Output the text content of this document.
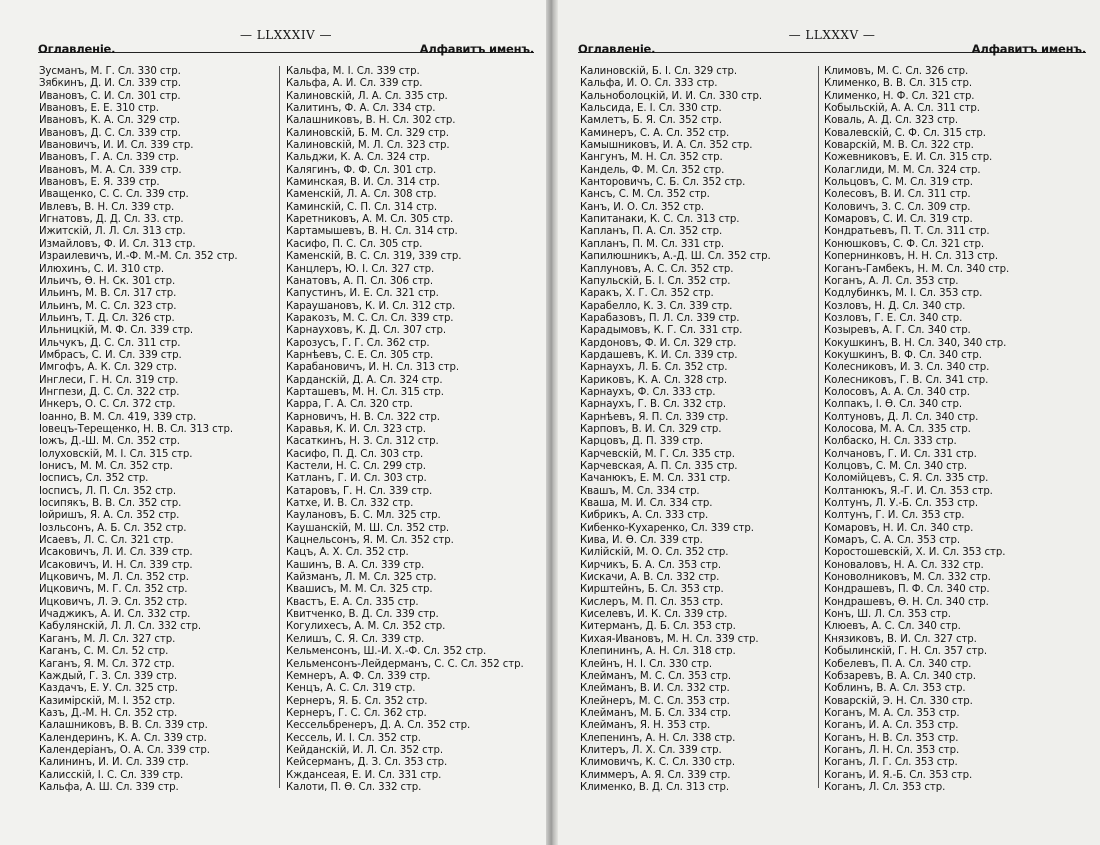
Оглавленіе.
— LLXXXIV —
Алфавитъ именъ.
Зусманъ, М. Г. Сл. 330 стр.
Зябкинъ, Д. И. Сл. 339 стр.
Ивановъ, С. И. Сл. 301 стр.
Ивановъ, Е. Е. 310 стр.
Ивановъ, К. А. Сл. 329 стр.
Ивановъ, Д. С. Сл. 339 стр.
Ивановичъ, И. И. Сл. 339 стр.
Ивановъ, Г. А. Сл. 339 стр.
Ивановъ, М. А. Сл. 339 стр.
Ивановъ, Е. Я. 339 стр.
Иващенко, С. С. Сл. 339 стр.
Ивлевъ, В. Н. Сл. 339 стр.
Игнатовъ, Д. Д. Сл. 33. стр.
Ижитскій, Л. Л. Сл. 313 стр.
Измайловъ, Ф. И. Сл. 313 стр.
Израилевичъ, И.-Ф. М.-М. Сл. 352 стр.
Илюхинъ, С. И. 310 стр.
Ильичъ, Ѳ. Н. Ск. 301 стр.
Ильинъ, М. В. Сл. 317 стр.
Ильинъ, М. С. Сл. 323 стр.
Ильинъ, Т. Д. Сл. 326 стр.
Ильницкій, М. Ф. Сл. 339 стр.
Ильчукъ, Д. С. Сл. 311 стр.
Имбрасъ, С. И. Сл. 339 стр.
Имгофъ, А. К. Сл. 329 стр.
Инглеси, Г. Н. Сл. 319 стр.
Ингпези, Д. С. Сл. 322 стр.
Инкеръ, О. С. Сл. 372 стр.
Іоанно, В. М. Сл. 419, 339 стр.
Іовецъ-Терещенко, Н. В. Сл. 313 стр.
Іожъ, Д.-Ш. М. Сл. 352 стр.
Іолуховскій, М. І. Сл. 315 стр.
Іонисъ, М. М. Сл. 352 стр.
Іосписъ, Сл. 352 стр.
Іосписъ, Л. П. Сл. 352 стр.
Іосипякъ, В. В. Сл. 352 стр.
Іойришъ, Я. А. Сл. 352 стр.
Іозльсонъ, А. Б. Сл. 352 стр.
Исаевъ, Л. С. Сл. 321 стр.
Исаковичъ, Л. И. Сл. 339 стр.
Исаковичъ, И. Н. Сл. 339 стр.
Ицковичъ, М. Л. Сл. 352 стр.
Ицковичъ, М. Г. Сл. 352 стр.
Ицковичъ, Л. Э. Сл. 352 стр.
Ичаджикъ, А. И. Сл. 332 стр.
Кабулянскій, Л. Л. Сл. 332 стр.
Каганъ, М. Л. Сл. 327 стр.
Каганъ, С. М. Сл. 52 стр.
Каганъ, Я. М. Сл. 372 стр.
Каждый, Г. З. Сл. 339 стр.
Каздачъ, Е. У. Сл. 325 стр.
Казимірскій, М. І. 352 стр.
Казъ, Д.-М. Н. Сл. 352 стр.
Калашниковъ, В. В. Сл. 339 стр.
Календеринъ, К. А. Сл. 339 стр.
Календеріанъ, О. А. Сл. 339 стр.
Калининъ, И. И. Сл. 339 стр.
Калисскій, І. С. Сл. 339 стр.
Кальфа, А. Ш. Сл. 339 стр.
Кальфа, М. І. Сл. 339 стр.
Кальфа, А. И. Сл. 339 стр.
Калиновскій, Л. А. Сл. 335 стр.
Калитинъ, Ф. А. Сл. 334 стр.
Калашниковъ, В. Н. Сл. 302 стр.
Калиновскій, Б. М. Сл. 329 стр.
Калиновскій, М. Л. Сл. 323 стр.
Кальджи, К. А. Сл. 324 стр.
Калягинъ, Ф. Ф. Сл. 301 стр.
Каминская, В. И. Сл. 314 стр.
Каменскій, Л. А. Сл. 308 стр.
Каминскій, С. П. Сл. 314 стр.
Каретниковъ, А. М. Сл. 305 стр.
Картамышевъ, В. Н. Сл. 314 стр.
Касифо, П. С. Сл. 305 стр.
Каменскій, В. С. Сл. 319, 339 стр.
Канцлеръ, Ю. І. Сл. 327 стр.
Канатовъ, А. П. Сл. 306 стр.
Капустинъ, И. Е. Сл. 321 стр.
Караушановъ, К. И. Сл. 312 стр.
Каракозъ, М. С. Сл. Сл. 339 стр.
Карнауховъ, К. Д. Сл. 307 стр.
Карозусъ, Г. Г. Сл. 362 стр.
Карнѣевъ, С. Е. Сл. 305 стр.
Карабановичъ, И. Н. Сл. 313 стр.
Карданскій, Д. А. Сл. 324 стр.
Карташевъ, М. Н. Сл. 315 стр.
Карра, Г. А. Сл. 320 стр.
Карновичъ, Н. В. Сл. 322 стр.
Каравья, К. И. Сл. 323 стр.
Касаткинъ, Н. З. Сл. 312 стр.
Касифо, П. Д. Сл. 303 стр.
Кастели, Н. С. Сл. 299 стр.
Катланъ, Г. И. Сл. 303 стр.
Катаровъ, Г. Н. Сл. 339 стр.
Катхе, И. В. Сл. 332 стр.
Каулановъ, Б. С. Мл. 325 стр.
Каушанскій, М. Ш. Сл. 352 стр.
Кацнельсонъ, Я. М. Сл. 352 стр.
Кацъ, А. Х. Сл. 352 стр.
Кашинъ, В. А. Сл. 339 стр.
Кайзманъ, Л. М. Сл. 325 стр.
Квашисъ, М. М. Сл. 325 стр.
Квастъ, Е. А. Сл. 335 стр.
Квитченко, В. Д. Сл. 339 стр.
Когулихесъ, А. М. Сл. 352 стр.
Келишъ, С. Я. Сл. 339 стр.
Кельменсонъ, Ш.-И. Х.-Ф. Сл. 352 стр.
Кельменсонъ-Лейдерманъ, С. С. Сл. 352 стр.
Кемнеръ, А. Ф. Сл. 339 стр.
Кенцъ, А. С. Сл. 319 стр.
Кернеръ, Я. Б. Сл. 352 стр.
Кернеръ, Г. С. Сл. 362 стр.
Кессельбренеръ, Д. А. Сл. 352 стр.
Кессель, И. І. Сл. 352 стр.
Кейданскій, И. Л. Сл. 352 стр.
Кейсерманъ, Д. З. Сл. 353 стр.
Кждансеая, Е. И. Сл. 331 стр.
Калоти, П. Ѳ. Сл. 332 стр.
Оглавленіе.
— LLXXXV —
Алфавитъ именъ.
Калиновскій, Б. І. Сл. 329 стр.
Кальфа, И. О. Сл. 333 стр.
Кальноболоцкій, И. И. Сл. 330 стр.
Кальсида, Е. І. Сл. 330 стр.
Камлетъ, Б. Я. Сл. 352 стр.
Каминеръ, С. А. Сл. 352 стр.
Камышниковъ, И. А. Сл. 352 стр.
Кангунъ, М. Н. Сл. 352 стр.
Кандель, Ф. М. Сл. 352 стр.
Канторовичъ, С. Б. Сл. 352 стр.
Кансъ, С. М. Сл. 352 стр.
Канъ, И. О. Сл. 352 стр.
Капитанаки, К. С. Сл. 313 стр.
Капланъ, П. А. Сл. 352 стр.
Капланъ, П. М. Сл. 331 стр.
Капилюшникъ, А.-Д. Ш. Сл. 352 стр.
Каплуновъ, А. С. Сл. 352 стр.
Капульскій, Б. І. Сл. 352 стр.
Каракъ, Х. Г. Сл. 352 стр.
Карабелло, К. З. Сл. 339 стр.
Карабазовъ, П. Л. Сл. 339 стр.
Карадымовъ, К. Г. Сл. 331 стр.
Кардоновъ, Ф. И. Сл. 329 стр.
Кардашевъ, К. И. Сл. 339 стр.
Карнаухъ, Л. Б. Сл. 352 стр.
Кариковъ, К. А. Сл. 328 стр.
Карнаухъ, Ф. Сл. 333 стр.
Карнаухъ, Г. В. Сл. 332 стр.
Карнѣевъ, Я. П. Сл. 339 стр.
Карповъ, В. И. Сл. 329 стр.
Карцовъ, Д. П. 339 стр.
Карчевскій, М. Г. Сл. 335 стр.
Карчевская, А. П. Сл. 335 стр.
Качанюкъ, Е. М. Сл. 331 стр.
Квашъ, М. Сл. 334 стр.
Кваша, М. И. Сл. 334 стр.
Кибрикъ, А. Сл. 333 стр.
Кибенко-Кухаренко, Сл. 339 стр.
Кива, И. Ѳ. Сл. 339 стр.
Килійскій, М. О. Сл. 352 стр.
Кирчикъ, Б. А. Сл. 353 стр.
Кискачи, А. В. Сл. 332 стр.
Кирштейнъ, Б. Сл. 353 стр.
Кислеръ, М. П. Сл. 353 стр.
Киселевъ, И. К. Сл. 339 стр.
Китерманъ, Д. Б. Сл. 353 стр.
Кихая-Ивановъ, М. Н. Сл. 339 стр.
Клепининъ, А. Н. Сл. 318 стр.
Клейнъ, Н. І. Сл. 330 стр.
Клейманъ, М. С. Сл. 353 стр.
Клейманъ, В. И. Сл. 332 стр.
Клейнеръ, М. С. Сл. 353 стр.
Клейманъ, М. Б. Сл. 334 стр.
Клейманъ, Я. Н. 353 стр.
Клепенинъ, А. Н. Сл. 338 стр.
Клитеръ, Л. Х. Сл. 339 стр.
Климовичъ, К. С. Сл. 330 стр.
Климмеръ, А. Я. Сл. 339 стр.
Клименко, В. Д. Сл. 313 стр.
Климовъ, М. С. Сл. 326 стр.
Клименко, В. В. Сл. 315 стр.
Клименко, Н. Ф. Сл. 321 стр.
Кобыльскій, А. А. Сл. 311 стр.
Коваль, А. Д. Сл. 323 стр.
Ковалевскій, С. Ф. Сл. 315 стр.
Коварскій, М. В. Сл. 322 стр.
Кожевниковъ, Е. И. Сл. 315 стр.
Колаглиди, М. М. Сл. 324 стр.
Кольцовъ, С. М. Сл. 319 стр.
Колесовъ, В. И. Сл. 311 стр.
Коловичъ, З. С. Сл. 309 стр.
Комаровъ, С. И. Сл. 319 стр.
Кондратьевъ, П. Т. Сл. 311 стр.
Конюшковъ, С. Ф. Сл. 321 стр.
Копернинковъ, Н. Н. Сл. 313 стр.
Коганъ-Гамбекъ, Н. М. Сл. 340 стр.
Коганъ, А. Л. Сл. 353 стр.
Кодлубинкъ, М. І. Сл. 353 стр.
Козловъ, Н. Д. Сл. 340 стр.
Козловъ, Г. Е. Сл. 340 стр.
Козыревъ, А. Г. Сл. 340 стр.
Кокушкинъ, В. Н. Сл. 340, 340 стр.
Кокушкинъ, В. Ф. Сл. 340 стр.
Колесниковъ, И. З. Сл. 340 стр.
Колесниковъ, Г. В. Сл. 341 стр.
Колосовъ, А. А. Сл. 340 стр.
Колпакъ, І. Ѳ. Сл. 340 стр.
Колтуновъ, Д. Л. Сл. 340 стр.
Колосова, М. А. Сл. 335 стр.
Колбаско, Н. Сл. 333 стр.
Колчановъ, Г. И. Сл. 331 стр.
Колцовъ, С. М. Сл. 340 стр.
Коломійцевъ, С. Я. Сл. 335 стр.
Колтанюкъ, Я.-Г. И. Сл. 353 стр.
Колтунъ, Л. У.-Б. Сл. 353 стр.
Колтунъ, Г. И. Сл. 353 стр.
Комаровъ, Н. И. Сл. 340 стр.
Комаръ, С. А. Сл. 353 стр.
Коростошевскій, Х. И. Сл. 353 стр.
Коноваловъ, Н. А. Сл. 332 стр.
Коноволниковъ, М. Сл. 332 стр.
Кондрашевъ, П. Ф. Сл. 340 стр.
Кондрашевъ, Ѳ. Н. Сл. 340 стр.
Конъ, Ш. Л. Сл. 353 стр.
Клюевъ, А. С. Сл. 340 стр.
Князиковъ, В. И. Сл. 327 стр.
Кобылинскій, Г. Н. Сл. 357 стр.
Кобелевъ, П. А. Сл. 340 стр.
Кобзаревъ, В. А. Сл. 340 стр.
Коблинъ, В. А. Сл. 353 стр.
Коварскій, Э. Н. Сл. 330 стр.
Коганъ, М. А. Сл. 353 стр.
Коганъ, И. А. Сл. 353 стр.
Коганъ, Н. В. Сл. 353 стр.
Коганъ, Л. Н. Сл. 353 стр.
Коганъ, Л. Г. Сл. 353 стр.
Коганъ, И. Я.-Б. Сл. 353 стр.
Коганъ, Л. Сл. 353 стр.
